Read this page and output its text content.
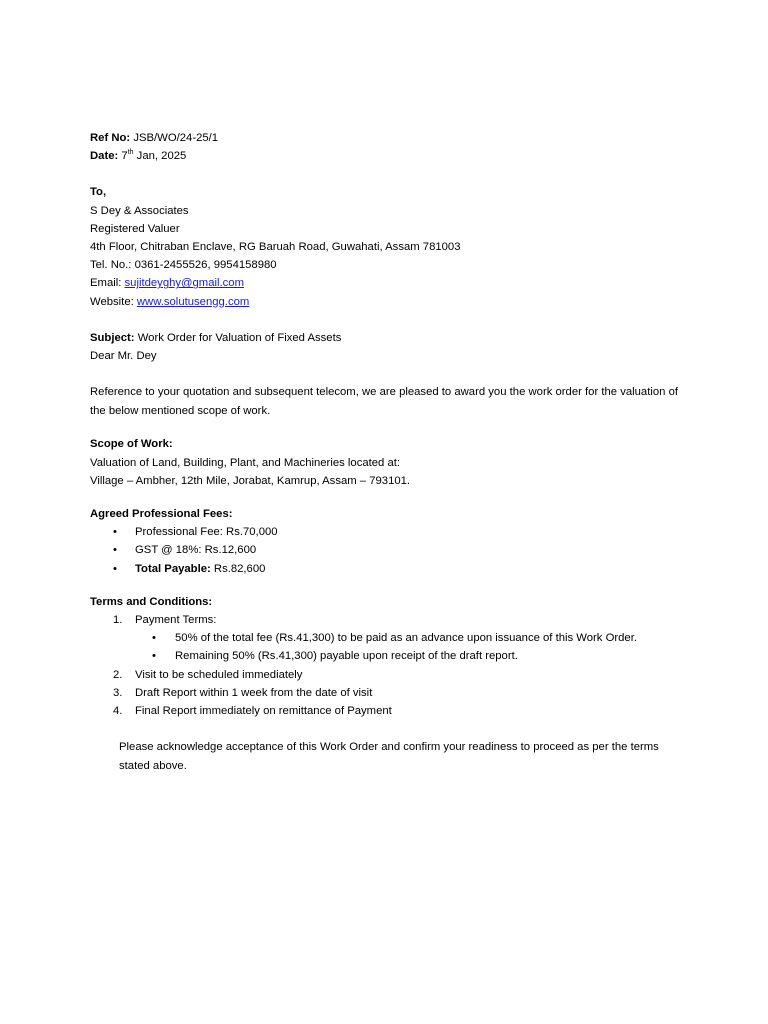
Ref No: JSB/WO/24-25/1
Date: 7th Jan, 2025
To,
S Dey & Associates
Registered Valuer
4th Floor, Chitraban Enclave, RG Baruah Road, Guwahati, Assam 781003
Tel. No.: 0361-2455526, 9954158980
Email: sujitdeyghy@gmail.com
Website: www.solutusengg.com
Subject: Work Order for Valuation of Fixed Assets
Dear Mr. Dey
Reference to your quotation and subsequent telecom, we are pleased to award you the work order for the valuation of the below mentioned scope of work.
Scope of Work:
Valuation of Land, Building, Plant, and Machineries located at:
Village – Ambher, 12th Mile, Jorabat, Kamrup, Assam – 793101.
Agreed Professional Fees:
• Professional Fee: Rs.70,000
• GST @ 18%: Rs.12,600
• Total Payable: Rs.82,600
Terms and Conditions:
1. Payment Terms:
• 50% of the total fee (Rs.41,300) to be paid as an advance upon issuance of this Work Order.
• Remaining 50% (Rs.41,300) payable upon receipt of the draft report.
2. Visit to be scheduled immediately
3. Draft Report within 1 week from the date of visit
4. Final Report immediately on remittance of Payment
Please acknowledge acceptance of this Work Order and confirm your readiness to proceed as per the terms stated above.
